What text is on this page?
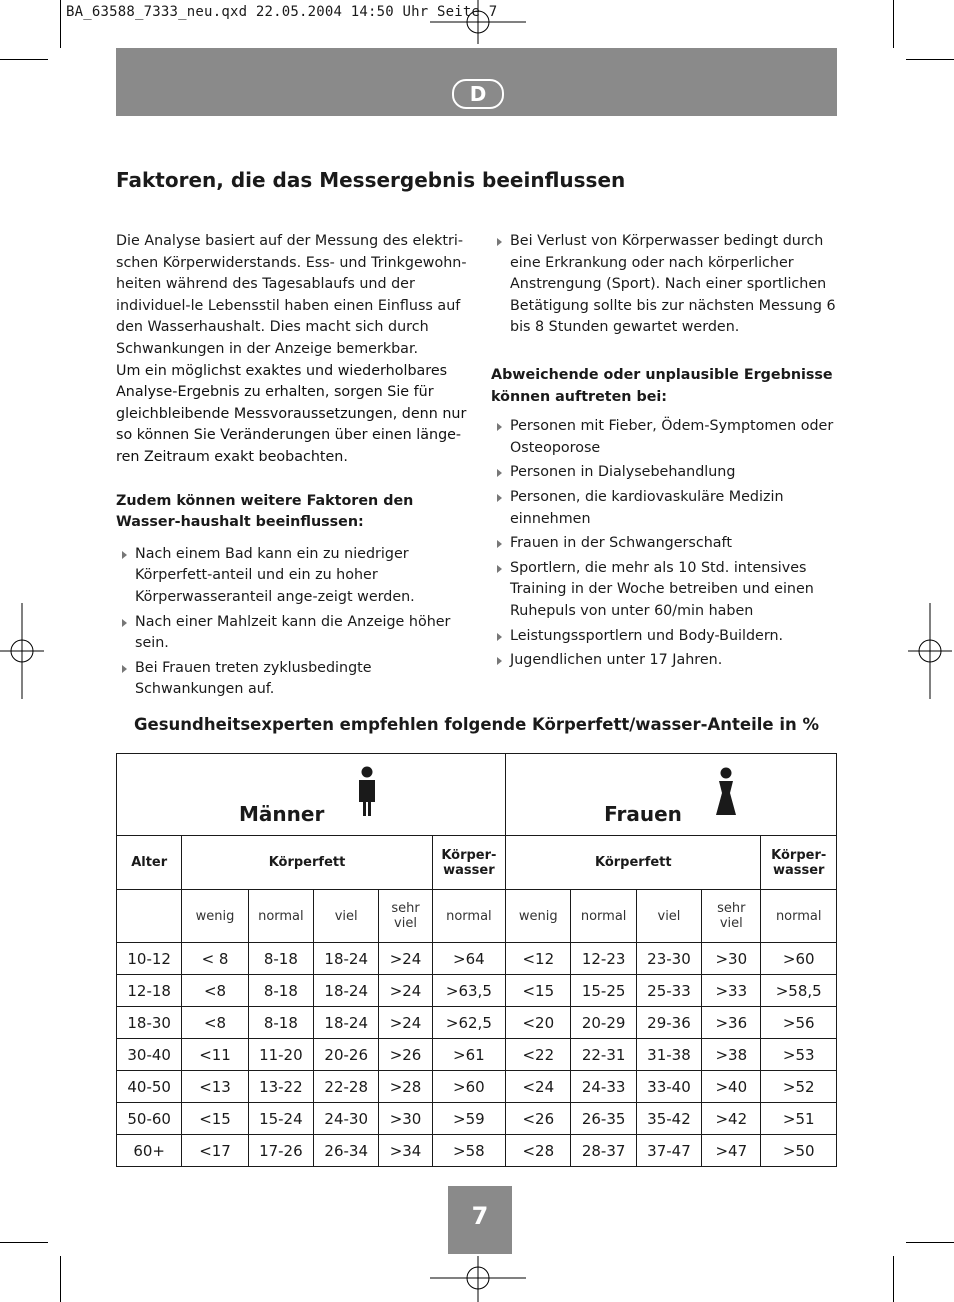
BA_63588_7333_neu.qxd 22.05.2004 14:50 Uhr Seite 7
D
Faktoren, die das Messergebnis beeinflussen

Die Analyse basiert auf der Messung des elektri-schen Körperwiderstands. Ess- und Trinkgewohn-heiten während des Tagesablaufs und der individuel-le Lebensstil haben einen Einfluss auf den Wasserhaushalt. Dies macht sich durch Schwankungen in der Anzeige bemerkbar.

Um ein möglichst exaktes und wiederholbares Analyse-Ergebnis zu erhalten, sorgen Sie für gleichbleibende Messvoraussetzungen, denn nur so können Sie Veränderungen über einen länge-ren Zeitraum exakt beobachten.

Zudem können weitere Faktoren den Wasser-haushalt beeinflussen:

Nach einem Bad kann ein zu niedriger Körperfett-anteil und ein zu hoher Körperwasseranteil ange-zeigt werden.
Nach einer Mahlzeit kann die Anzeige höher sein.
Bei Frauen treten zyklusbedingte Schwankungen auf.
Bei Verlust von Körperwasser bedingt durch eine Erkrankung oder nach körperlicher Anstrengung (Sport). Nach einer sportlichen Betätigung sollte bis zur nächsten Messung 6 bis 8 Stunden gewartet werden.

Abweichende oder unplausible Ergebnisse können auftreten bei:

Personen mit Fieber, Ödem-Symptomen oder Osteoporose
Personen in Dialysebehandlung
Personen, die kardiovaskuläre Medizin einnehmen
Frauen in der Schwangerschaft
Sportlern, die mehr als 10 Std. intensives Training in der Woche betreiben und einen Ruhepuls von unter 60/min haben
Leistungssportlern und Body-Buildern.
Jugendlichen unter 17 Jahren.
Gesundheitsexperten empfehlen folgende Körperfett/wasser-Anteile in %
Männer						Frauen				

Alter	Körperfett				Körper-wasser	Körperfett				Körper-wasser
	wenig	normal	viel	sehr viel	normal	wenig	normal	viel	sehr viel	normal
10-12	< 8	8-18	18-24	>24	>64	<12	12-23	23-30	>30	>60
12-18	<8	8-18	18-24	>24	>63,5	<15	15-25	25-33	>33	>58,5
18-30	<8	8-18	18-24	>24	>62,5	<20	20-29	29-36	>36	>56
30-40	<11	11-20	20-26	>26	>61	<22	22-31	31-38	>38	>53
40-50	<13	13-22	22-28	>28	>60	<24	24-33	33-40	>40	>52
50-60	<15	15-24	24-30	>30	>59	<26	26-35	35-42	>42	>51
60+	<17	17-26	26-34	>34	>58	<28	28-37	37-47	>47	>50
7
